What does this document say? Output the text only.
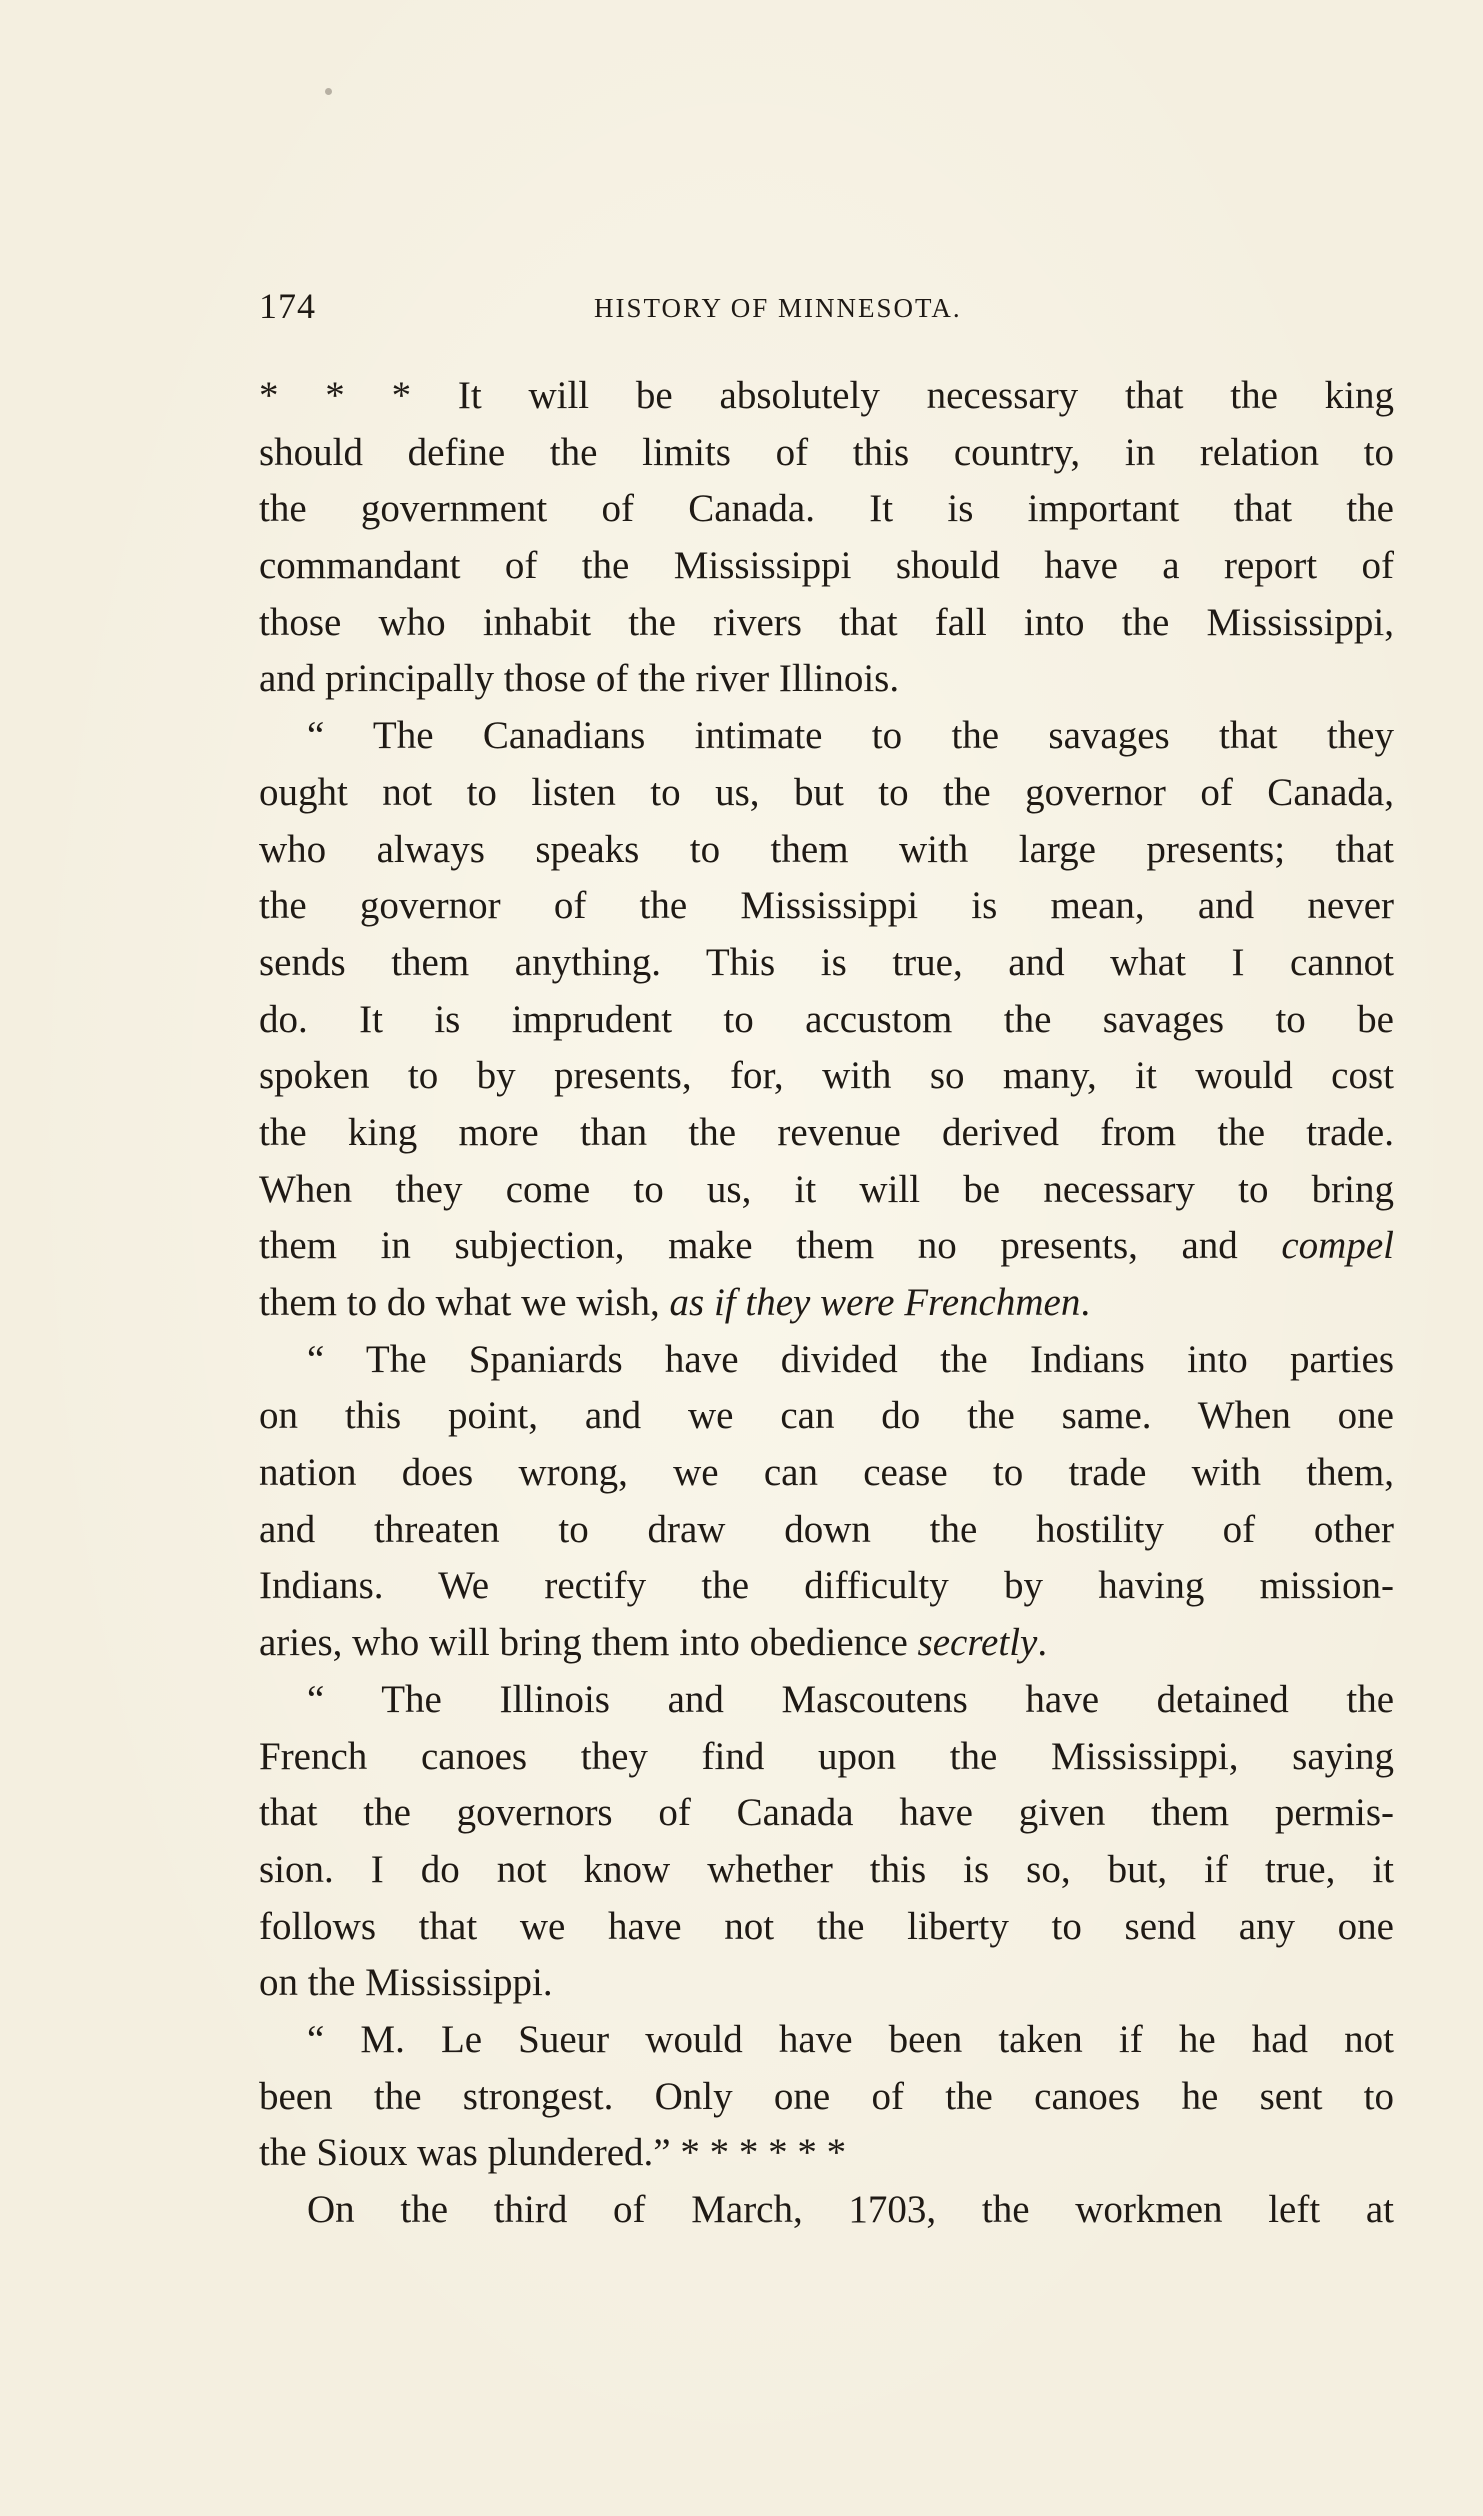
174	HISTORY OF MINNESOTA.
* * * It will be absolutely necessary that the king
should define the limits of this country, in relation to
the government of Canada. It is important that the
commandant of the Mississippi should have a report of
those who inhabit the rivers that fall into the Mississippi,
and principally those of the river Illinois.
“ The Canadians intimate to the savages that they
ought not to listen to us, but to the governor of Canada,
who always speaks to them with large presents; that
the governor of the Mississippi is mean, and never
sends them anything. This is true, and what I cannot
do. It is imprudent to accustom the savages to be
spoken to by presents, for, with so many, it would cost
the king more than the revenue derived from the trade.
When they come to us, it will be necessary to bring
them in subjection, make them no presents, and compel
them to do what we wish, as if they were Frenchmen.
“ The Spaniards have divided the Indians into parties
on this point, and we can do the same. When one
nation does wrong, we can cease to trade with them,
and threaten to draw down the hostility of other
Indians. We rectify the difficulty by having mission-
aries, who will bring them into obedience secretly.
“ The Illinois and Mascoutens have detained the
French canoes they find upon the Mississippi, saying
that the governors of Canada have given them permis-
sion. I do not know whether this is so, but, if true, it
follows that we have not the liberty to send any one
on the Mississippi.
“ M. Le Sueur would have been taken if he had not
been the strongest. Only one of the canoes he sent to
the Sioux was plundered.” * * * * * *
On the third of March, 1703, the workmen left at
